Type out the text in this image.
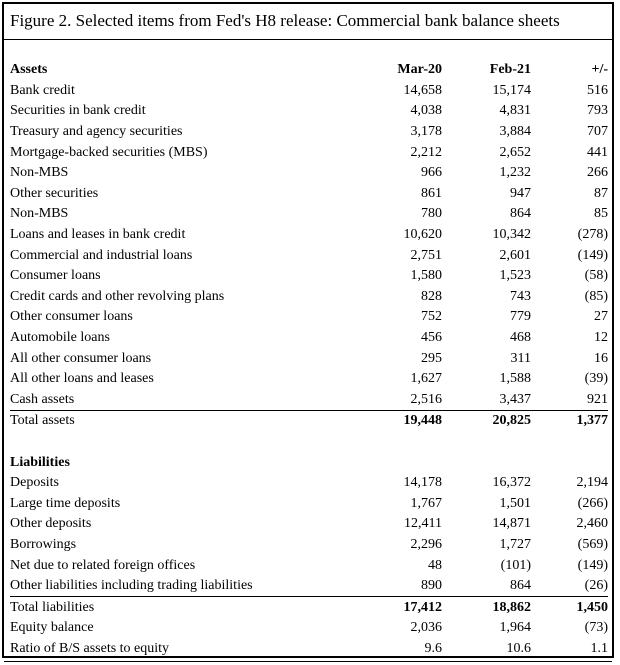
Figure 2. Selected items from Fed's H8 release: Commercial bank balance sheets
Assets	Mar-20	Feb-21	+/-
Bank credit	14,658	15,174	516
Securities in bank credit	4,038	4,831	793
Treasury and agency securities	3,178	3,884	707
Mortgage-backed securities (MBS)	2,212	2,652	441
Non-MBS	966	1,232	266
Other securities	861	947	87
Non-MBS	780	864	85
Loans and leases in bank credit	10,620	10,342	(278)
Commercial and industrial loans	2,751	2,601	(149)
Consumer loans	1,580	1,523	(58)
Credit cards and other revolving plans	828	743	(85)
Other consumer loans	752	779	27
Automobile loans	456	468	12
All other consumer loans	295	311	16
All other loans and leases	1,627	1,588	(39)
Cash assets	2,516	3,437	921
Total assets	19,448	20,825	1,377

Liabilities			
Deposits	14,178	16,372	2,194
Large time deposits	1,767	1,501	(266)
Other deposits	12,411	14,871	2,460
Borrowings	2,296	1,727	(569)
Net due to related foreign offices	48	(101)	(149)
Other liabilities including trading liabilities	890	864	(26)
Total liabilities	17,412	18,862	1,450
Equity balance	2,036	1,964	(73)
Ratio of B/S assets to equity	9.6	10.6	1.1
